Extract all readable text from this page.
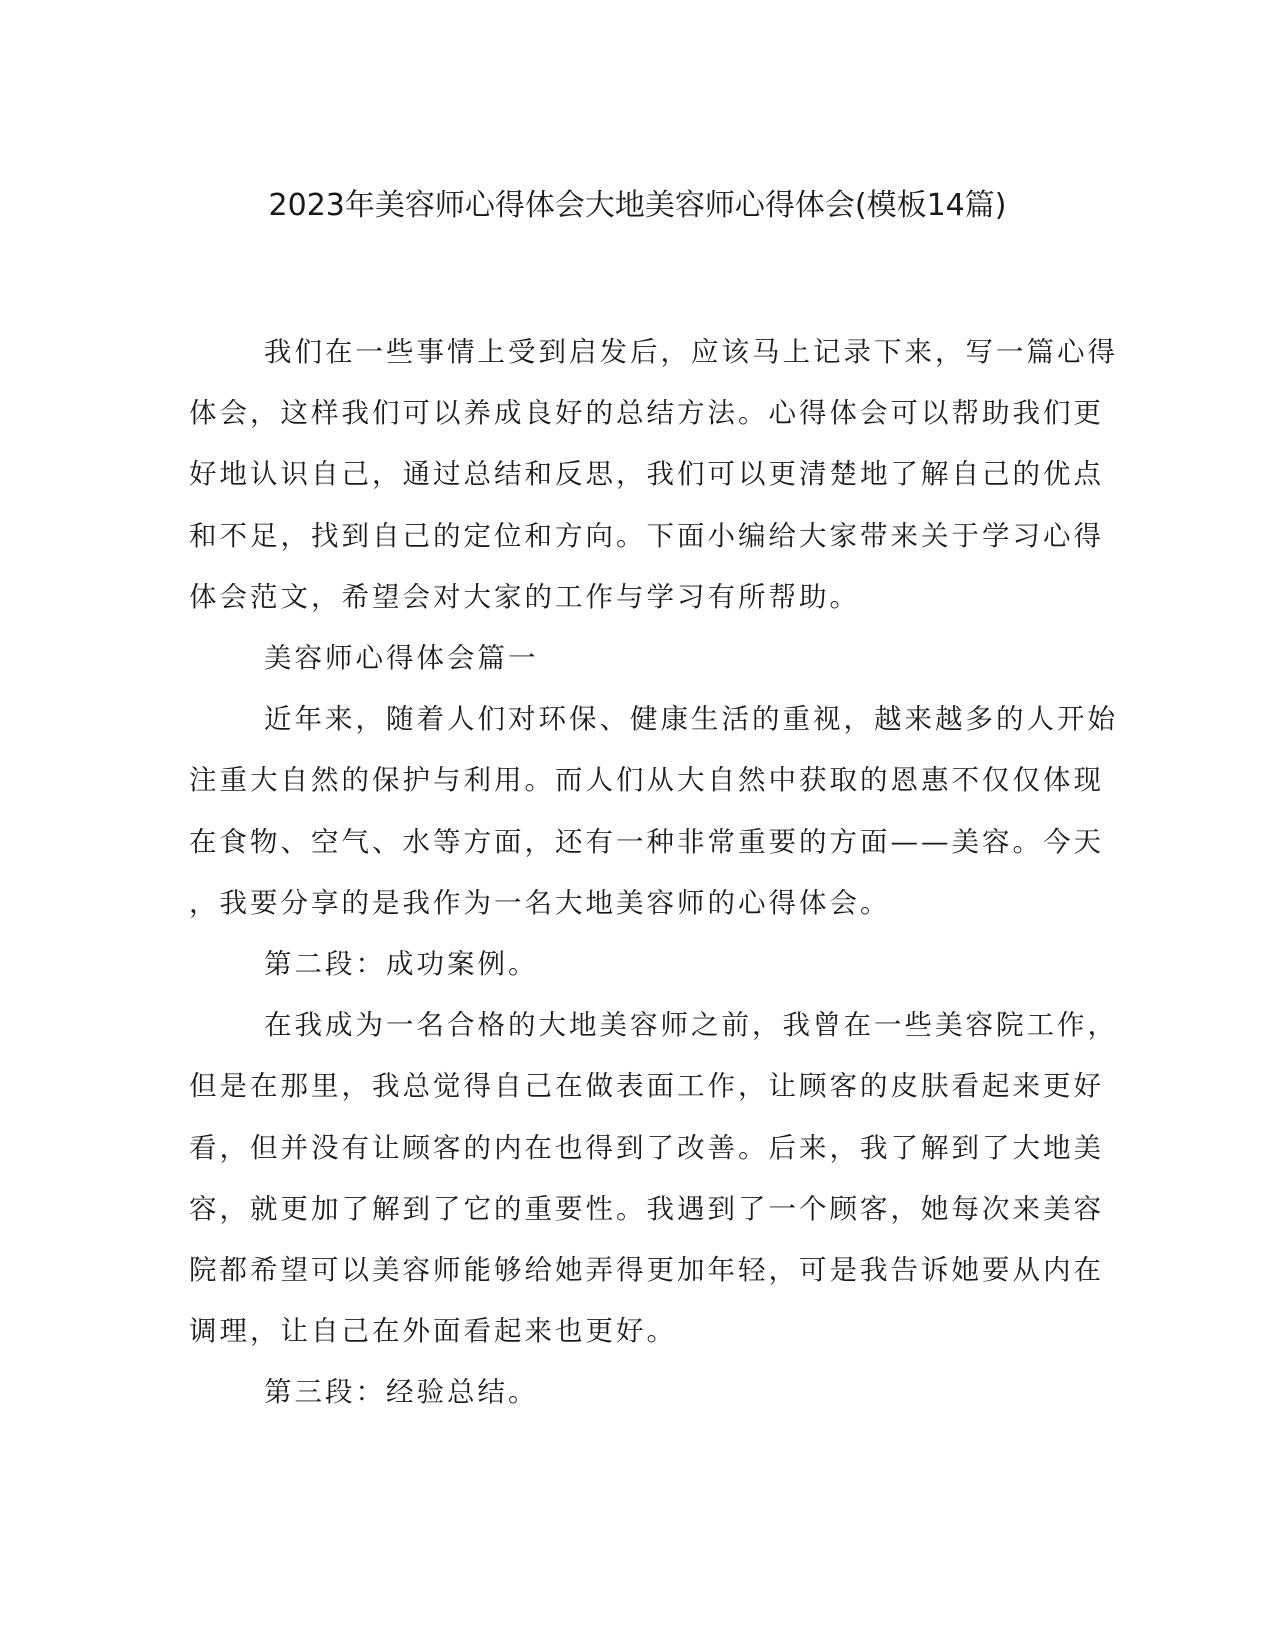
2023年美容师心得体会大地美容师心得体会(模板14篇)
我们在一些事情上受到启发后，应该马上记录下来，写一篇心得
体会，这样我们可以养成良好的总结方法。心得体会可以帮助我们更
好地认识自己，通过总结和反思，我们可以更清楚地了解自己的优点
和不足，找到自己的定位和方向。下面小编给大家带来关于学习心得
体会范文，希望会对大家的工作与学习有所帮助。
美容师心得体会篇一
近年来，随着人们对环保、健康生活的重视，越来越多的人开始
注重大自然的保护与利用。而人们从大自然中获取的恩惠不仅仅体现
在食物、空气、水等方面，还有一种非常重要的方面——美容。今天
，我要分享的是我作为一名大地美容师的心得体会。
第二段：成功案例。
在我成为一名合格的大地美容师之前，我曾在一些美容院工作，
但是在那里，我总觉得自己在做表面工作，让顾客的皮肤看起来更好
看，但并没有让顾客的内在也得到了改善。后来，我了解到了大地美
容，就更加了解到了它的重要性。我遇到了一个顾客，她每次来美容
院都希望可以美容师能够给她弄得更加年轻，可是我告诉她要从内在
调理，让自己在外面看起来也更好。
第三段：经验总结。
